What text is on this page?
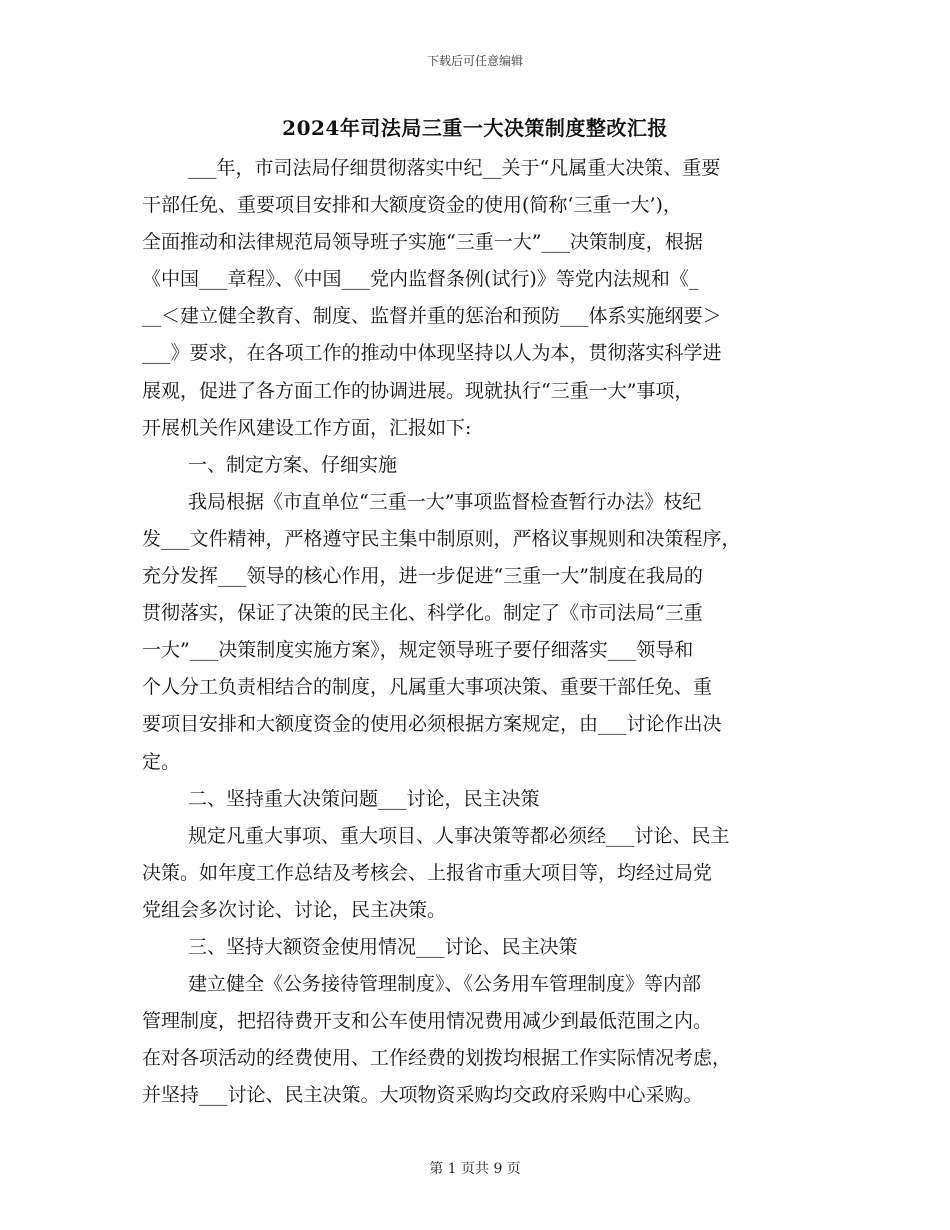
下载后可任意编辑
2024年司法局三重一大决策制度整改汇报
___年，市司法局仔细贯彻落实中纪__关于“凡属重大决策、重要
干部任免、重要项目安排和大额度资金的使用(简称‘三重一大’)，
全面推动和法律规范局领导班子实施“三重一大”___决策制度，根据
《中国___章程》、《中国___党内监督条例(试行)》等党内法规和《_
__＜建立健全教育、制度、监督并重的惩治和预防___体系实施纲要＞
___》要求，在各项工作的推动中体现坚持以人为本，贯彻落实科学进
展观，促进了各方面工作的协调进展。现就执行“三重一大”事项，
开展机关作风建设工作方面，汇报如下:
一、制定方案、仔细实施
我局根据《市直单位“三重一大”事项监督检查暂行办法》枝纪
发___文件精神，严格遵守民主集中制原则，严格议事规则和决策程序，
充分发挥___领导的核心作用，进一步促进“三重一大”制度在我局的
贯彻落实，保证了决策的民主化、科学化。制定了《市司法局“三重
一大”___决策制度实施方案》，规定领导班子要仔细落实___领导和
个人分工负责相结合的制度，凡属重大事项决策、重要干部任免、重
要项目安排和大额度资金的使用必须根据方案规定，由___讨论作出决
定。
二、坚持重大决策问题___讨论，民主决策
规定凡重大事项、重大项目、人事决策等都必须经___讨论、民主
决策。如年度工作总结及考核会、上报省市重大项目等，均经过局党
党组会多次讨论、讨论，民主决策。
三、坚持大额资金使用情况___讨论、民主决策
建立健全《公务接待管理制度》、《公务用车管理制度》等内部
管理制度，把招待费开支和公车使用情况费用减少到最低范围之内。
在对各项活动的经费使用、工作经费的划拨均根据工作实际情况考虑，
并坚持___讨论、民主决策。大项物资采购均交政府采购中心采购。
第 1 页共 9 页
